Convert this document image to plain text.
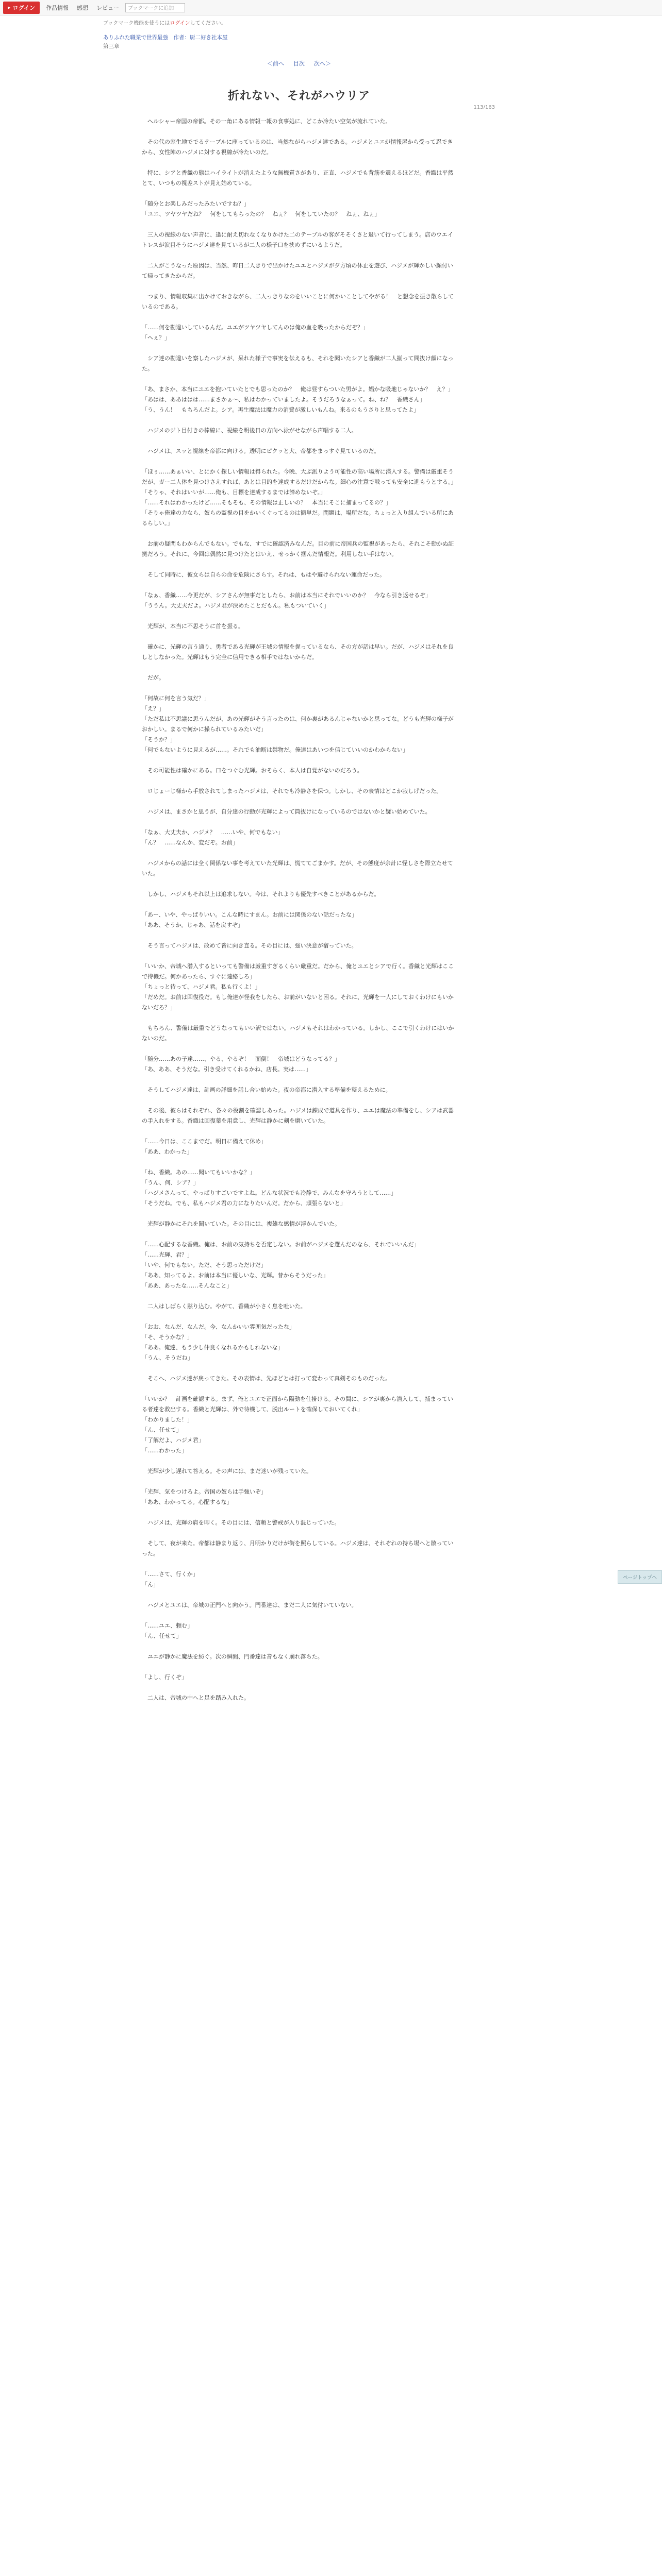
▸ ログイン	作品情報	感想	レビュー	ブックマークに追加
ブックマーク機能を使うにはログインしてください。
ありふれた職業で世界最強　作者：厨二好き社本屋
第三章
113/163
＜前へ 目次 次へ＞
折れない、それがハウリア

　ヘルシャー帝国の帝都。その一角にある情報一報の食事処に、どこか冷たい空気が流れていた。

　その代の窓生地ででるテーブルに座っているのは、当然ながらハジメ達である。ハジメとユエが情報屋から受って忍できから、女性陣のハジメに対する視線が冷たいのだ。

　特に、シアと香織の態はハイライトが消えたような無機質さがあり、正直、ハジメでも背筋を震えるほどだ。香織は平然とて、いつもの視差ストが見え始めている。

「随分とお楽しみだったみたいですね？」

「ユエ、ツヤツヤだね？　何をしてもらったの？　ねぇ？　何をしていたの？　ねぇ、ねぇ」

　三人の視線のない声音に、逢に耐え切れなくなりかけた二のテーブルの客がそそくさと退いて行ってしまう。店のウエイトレスが涙目そうにハジメ達を見ているが二人の様子口を挟めずにいるようだ。

　二人がこうなった原因は、当然、昨日二人きりで出かけたユエとハジメが夕方頃の休止を遊び、ハジメが輝かしい顔付いて帰ってきたからだ。

　つまり、情報収集に出かけておきながら、二人っきりなのをいいことに何かいことしてやがる！　と想念を振き散らしているのである。

「……何を勘違いしているんだ。ユエがツヤツヤしてんのは俺の血を吸ったからだぞ？」

「ヘぇ？」

　シア達の勘違いを察したハジメが、呆れた様子で事実を伝えるも、それを聞いたシアと香織が二人揃って間抜け顔になった。

「あ、まさか、本当にユエを抱いていたとでも思ったのか？　俺は昼すらついた男がよ。娼かな吸地じゃないか？　え？」

「あはは、ああははは……まさかぁ～、私はわかっていましたよ。そうだろうなぁって。ね、ね？　香織さん」

「う、うん！　もちろんだよ。シア。再生魔法は魔力の消費が激しいもんね。来るのもうさりと思ってたよ」

　ハジメのジト目付きの棒線に、視線を明後日の方向へ泳がせながら声唱する二人。

　ハジメは、スッと視線を帝都に向ける。透明にピクッと大、帝都をまっすぐ見ているのだ。

「ほぅ……あぁいい、とにかく探しい情報は得られた。今晩、大ぶ派りよう可能性の高い場所に潜入する。警備は厳重そうだが、ガー二人体を見つけさえすれば、あとは目的を達成するだけだからな。細心の注意で戦っても安全に進もうとする。」

「そりゃ、それはいいが……俺も、目標を達成するまでは諦めないぞ。」

「……それはわかったけど……そもそも、その情報は正しいの？　本当にそこに捕まってるの？」

「そりゃ俺達の力なら、奴らの監視の目をかいくぐってるのは簡単だ。問題は、場所だな。ちょっと入り組んでいる所にあるらしい。」

　お前の疑問もわからんでもない。でもな、すでに確認済みなんだ。目の前に帝国兵の監視があったら、それこそ動かぬ証拠だろう。それに、今回は偶然に見つけたとはいえ、せっかく掴んだ情報だ。利用しない手はない。

　そして同時に、彼女らは自らの命を危険にさらす。それは、もはや避けられない運命だった。

「なぁ、香織……今更だが、シアさんが無事だとしたら、お前は本当にそれでいいのか？　今なら引き返せるぞ」

「ううん。大丈夫だよ。ハジメ君が決めたことだもん。私もついていく」

　光輝が、本当に不思そうに首を振る。

　確かに、光輝の言う通り、勇者である光輝が王城の情報を握っているなら、その方が話は早い。だが、ハジメはそれを良しとしなかった。光輝はもう完全に信用できる相手ではないからだ。

　だが。

「何故に何を言う気だ？」

「え？」

「ただ私は不思議に思うんだが、あの光輝がそう言ったのは、何か裏があるんじゃないかと思ってな。どうも光輝の様子がおかしい。まるで何かに操られているみたいだ」

「そうか？」

「何でもないように見えるが……。それでも油断は禁物だ。俺達はあいつを信じていいのかわからない」

　その可能性は確かにある。口をつぐむ光輝。おそらく、本人は自覚がないのだろう。

　ロじょーじ様から手放されてしまったハジメは、それでも冷静さを保つ。しかし、その表情はどこか寂しげだった。

　ハジメは、まさかと思うが、自分達の行動が光輝によって筒抜けになっているのではないかと疑い始めていた。

「なぁ、大丈夫か、ハジメ？　……いや、何でもない」

「ん？　……なんか、変だぞ。お前」

　ハジメからの話には全く関係ない事を考えていた光輝は、慌ててごまかす。だが、その態度が余計に怪しさを際立たせていた。

　しかし、ハジメもそれ以上は追求しない。今は、それよりも優先すべきことがあるからだ。

「あー、いや、やっぱりいい。こんな時にすまん。お前には関係のない話だったな」

「ああ、そうか。じゃあ、話を戻すぞ」

　そう言ってハジメは、改めて皆に向き直る。その目には、強い決意が宿っていた。

「いいか、帝城へ潜入するといっても警備は厳重すぎるくらい厳重だ。だから、俺とユエとシアで行く。香織と光輝はここで待機だ。何かあったら、すぐに連絡しろ」

「ちょっと待って、ハジメ君。私も行くよ！」

「だめだ。お前は回復役だ。もし俺達が怪我をしたら、お前がいないと困る。それに、光輝を一人にしておくわけにもいかないだろ？」

　もちろん、警備は厳重でどうなってもいい訳ではない。ハジメもそれはわかっている。しかし、ここで引くわけにはいかないのだ。

「随分……あの子達……、やる、やるぞ！　面倒！　帝城はどうなってる？」

「あ、ああ、そうだな。引き受けてくれるかね、店長。実は……」

　そうしてハジメ達は、計画の詳細を話し合い始めた。夜の帝都に潜入する準備を整えるために。

　その後、彼らはそれぞれ、各々の役割を確認しあった。ハジメは錬成で道具を作り、ユエは魔法の準備をし、シアは武器の手入れをする。香織は回復薬を用意し、光輝は静かに剣を磨いていた。

「……今日は、ここまでだ。明日に備えて休め」

「ああ、わかった」

「ね、香織。あの……聞いてもいいかな？」

「うん、何、シア？」

「ハジメさんって、やっぱりすごいですよね。どんな状況でも冷静で、みんなを守ろうとして……」

「そうだね。でも、私もハジメ君の力になりたいんだ。だから、頑張らないと」

　光輝が静かにそれを聞いていた。その目には、複雑な感情が浮かんでいた。

「……心配するな香織。俺は、お前の気持ちを否定しない。お前がハジメを選んだのなら、それでいいんだ」

「……光輝、君？」

「いや、何でもない。ただ、そう思っただけだ」

「ああ、知ってるよ。お前は本当に優しいな、光輝。昔からそうだった」

「ああ、あったな……そんなこと」

　二人はしばらく黙り込む。やがて、香織が小さく息を吐いた。

「おお、なんだ、なんだ。今、なんかいい雰囲気だったな」

「そ、そうかな？」

「ああ。俺達、もう少し仲良くなれるかもしれないな」

「うん、そうだね」

　そこへ、ハジメ達が戻ってきた。その表情は、先ほどとは打って変わって真剣そのものだった。

「いいか？　計画を確認する。まず、俺とユエで正面から陽動を仕掛ける。その間に、シアが裏から潜入して、捕まっている者達を救出する。香織と光輝は、外で待機して、脱出ルートを確保しておいてくれ」

「わかりました！」

「ん、任せて」

「了解だよ、ハジメ君」

「……わかった」

　光輝が少し遅れて答える。その声には、まだ迷いが残っていた。

「光輝、気をつけろよ。帝国の奴らは手強いぞ」

「ああ、わかってる。心配するな」

　ハジメは、光輝の肩を叩く。その目には、信頼と警戒が入り混じっていた。

　そして、夜が来た。帝都は静まり返り、月明かりだけが街を照らしている。ハジメ達は、それぞれの持ち場へと散っていった。

「……さて、行くか」

「ん」

　ハジメとユエは、帝城の正門へと向かう。門番達は、まだ二人に気付いていない。

「……ユエ、頼む」

「ん、任せて」

　ユエが静かに魔法を紡ぐ。次の瞬間、門番達は音もなく崩れ落ちた。

「よし、行くぞ」

　二人は、帝城の中へと足を踏み入れた。

ページトップへ
